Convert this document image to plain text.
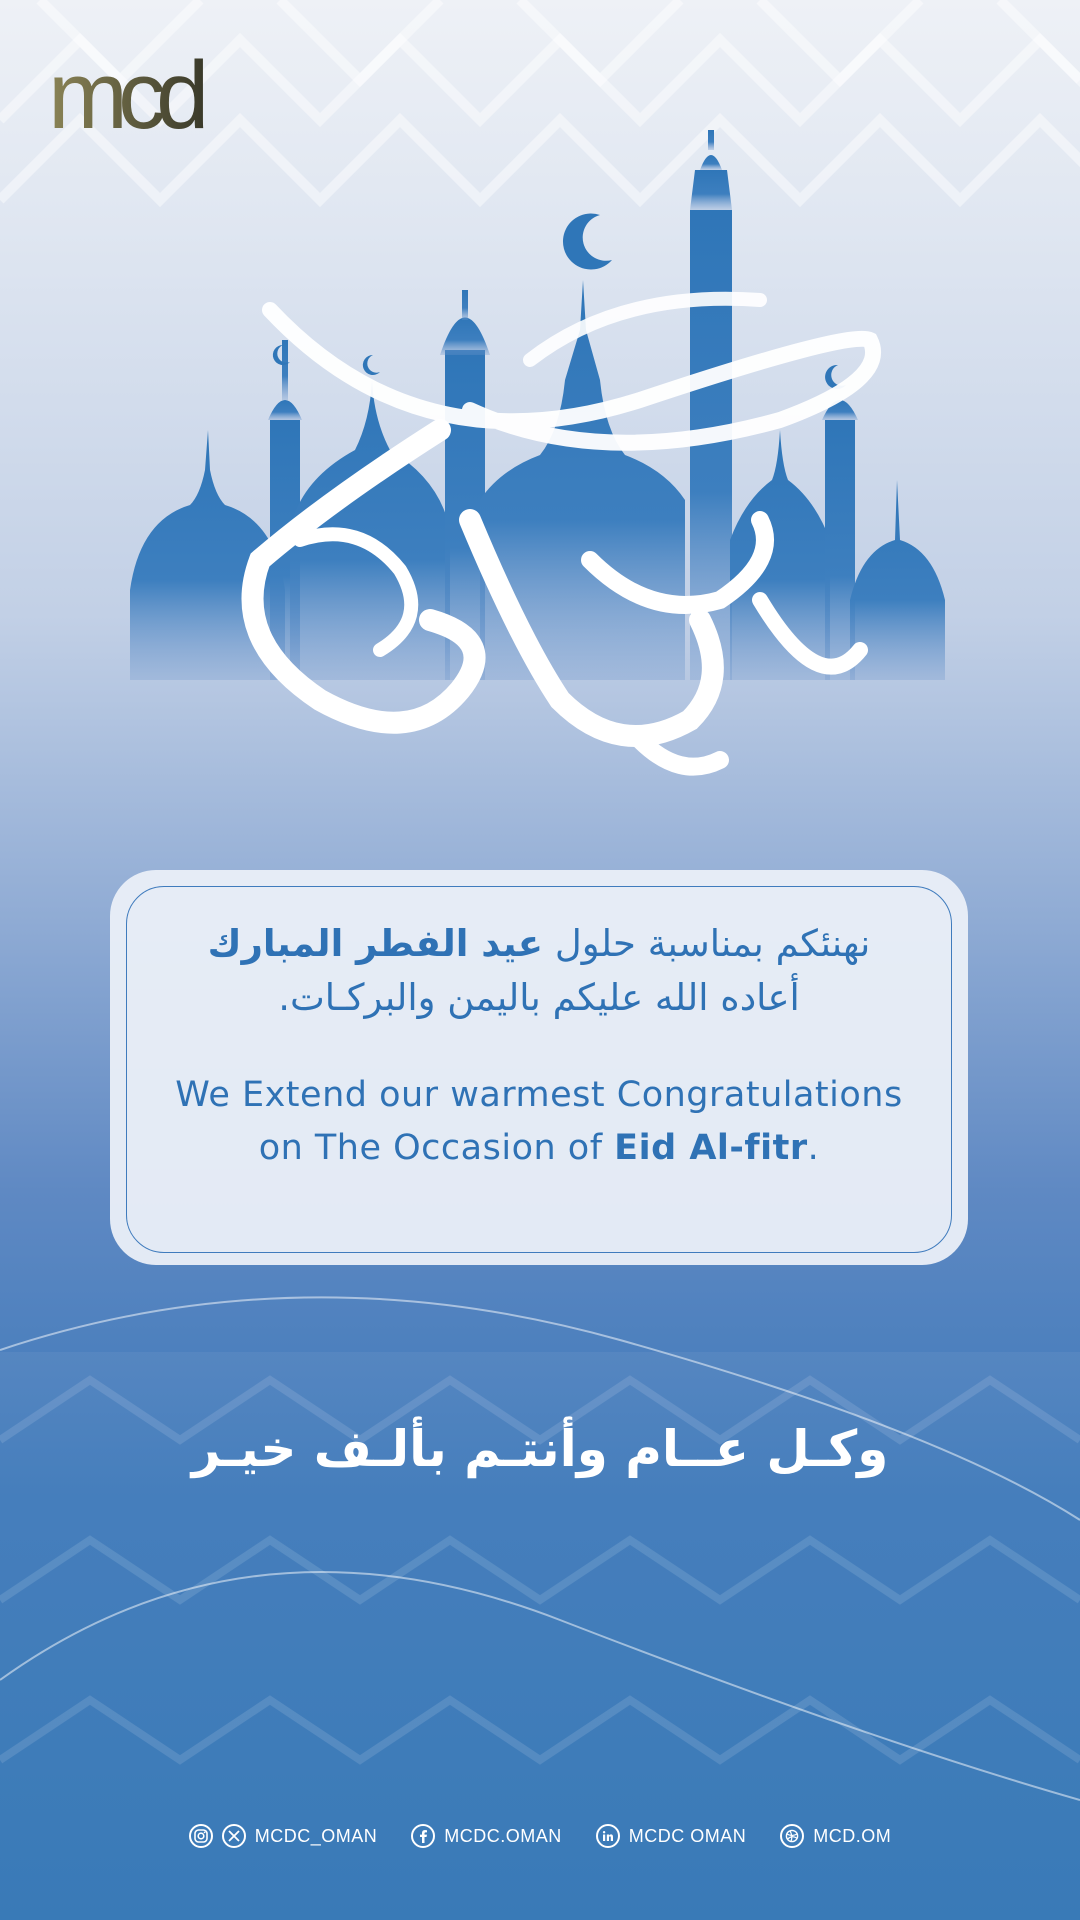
mcd
عيد مبارك

نهنئكم بمناسبة حلول عيد الفطر المبارك

أعاده الله عليكم باليمن والبركـات.

We Extend our warmest Congratulations

on The Occasion of Eid Al-fitr.

وكـل عــام وأنتـم بألـف خيـر
MCDC_OMAN	MCDC.OMAN	MCDC OMAN	MCD.OM
